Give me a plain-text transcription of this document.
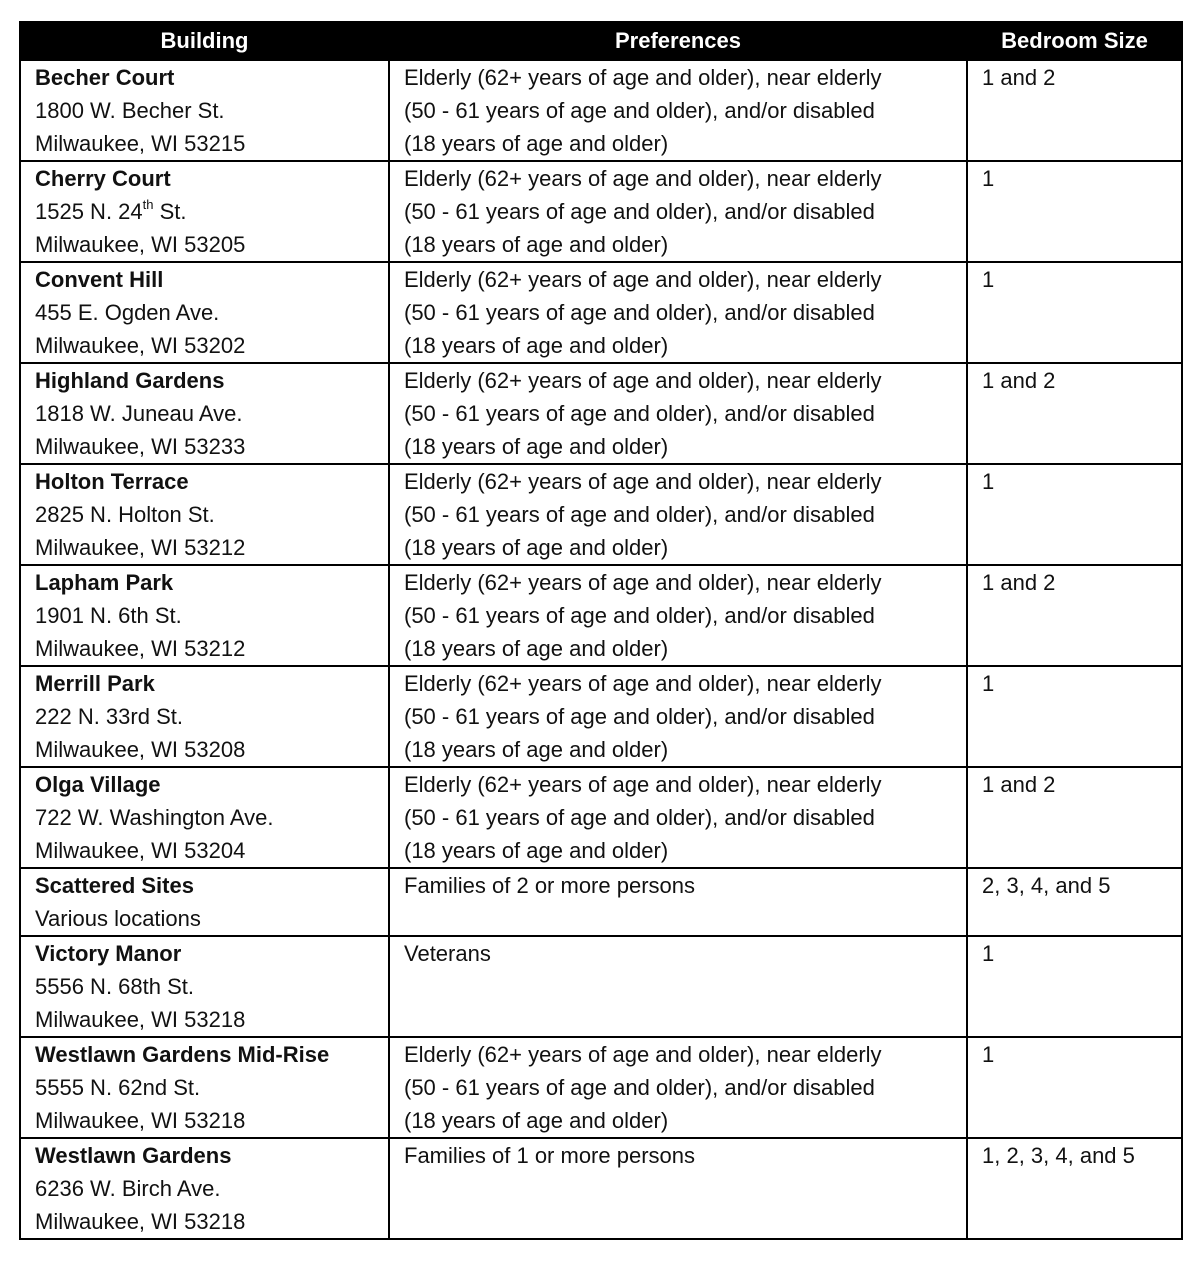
Building	Preferences	Bedroom Size

Becher Court
1800 W. Becher St.
Milwaukee, WI 53215	Elderly (62+ years of age and older), near elderly
(50 - 61 years of age and older), and/or disabled
(18 years of age and older)	1 and 2

Cherry Court
1525 N. 24th St.
Milwaukee, WI 53205	Elderly (62+ years of age and older), near elderly
(50 - 61 years of age and older), and/or disabled
(18 years of age and older)	1

Convent Hill
455 E. Ogden Ave.
Milwaukee, WI 53202	Elderly (62+ years of age and older), near elderly
(50 - 61 years of age and older), and/or disabled
(18 years of age and older)	1

Highland Gardens
1818 W. Juneau Ave.
Milwaukee, WI 53233	Elderly (62+ years of age and older), near elderly
(50 - 61 years of age and older), and/or disabled
(18 years of age and older)	1 and 2

Holton Terrace
2825 N. Holton St.
Milwaukee, WI 53212	Elderly (62+ years of age and older), near elderly
(50 - 61 years of age and older), and/or disabled
(18 years of age and older)	1

Lapham Park
1901 N. 6th St.
Milwaukee, WI 53212	Elderly (62+ years of age and older), near elderly
(50 - 61 years of age and older), and/or disabled
(18 years of age and older)	1 and 2

Merrill Park
222 N. 33rd St.
Milwaukee, WI 53208	Elderly (62+ years of age and older), near elderly
(50 - 61 years of age and older), and/or disabled
(18 years of age and older)	1

Olga Village
722 W. Washington Ave.
Milwaukee, WI 53204	Elderly (62+ years of age and older), near elderly
(50 - 61 years of age and older), and/or disabled
(18 years of age and older)	1 and 2

Scattered Sites
Various locations	Families of 2 or more persons	2, 3, 4, and 5

Victory Manor
5556 N. 68th St.
Milwaukee, WI 53218	Veterans	1

Westlawn Gardens Mid-Rise
5555 N. 62nd St.
Milwaukee, WI 53218	Elderly (62+ years of age and older), near elderly
(50 - 61 years of age and older), and/or disabled
(18 years of age and older)	1

Westlawn Gardens
6236 W. Birch Ave.
Milwaukee, WI 53218	Families of 1 or more persons	1, 2, 3, 4, and 5
